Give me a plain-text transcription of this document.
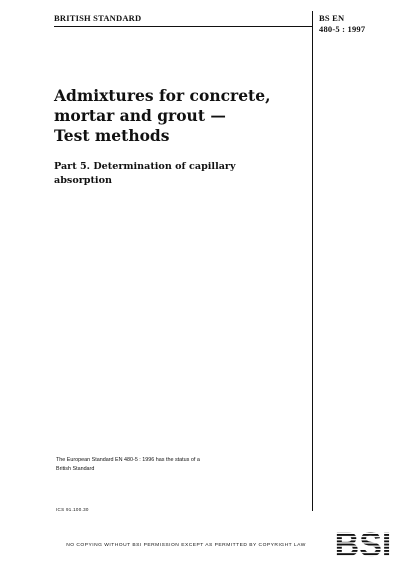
BRITISH STANDARD	BS EN
480-5 : 1997
Admixtures for concrete,
mortar and grout —
Test methods
Part 5. Determination of capillary
absorption
The European Standard EN 480-5 : 1996 has the status of a
British Standard
ICS 91.100.30
NO COPYING WITHOUT BSI PERMISSION EXCEPT AS PERMITTED BY COPYRIGHT LAW
